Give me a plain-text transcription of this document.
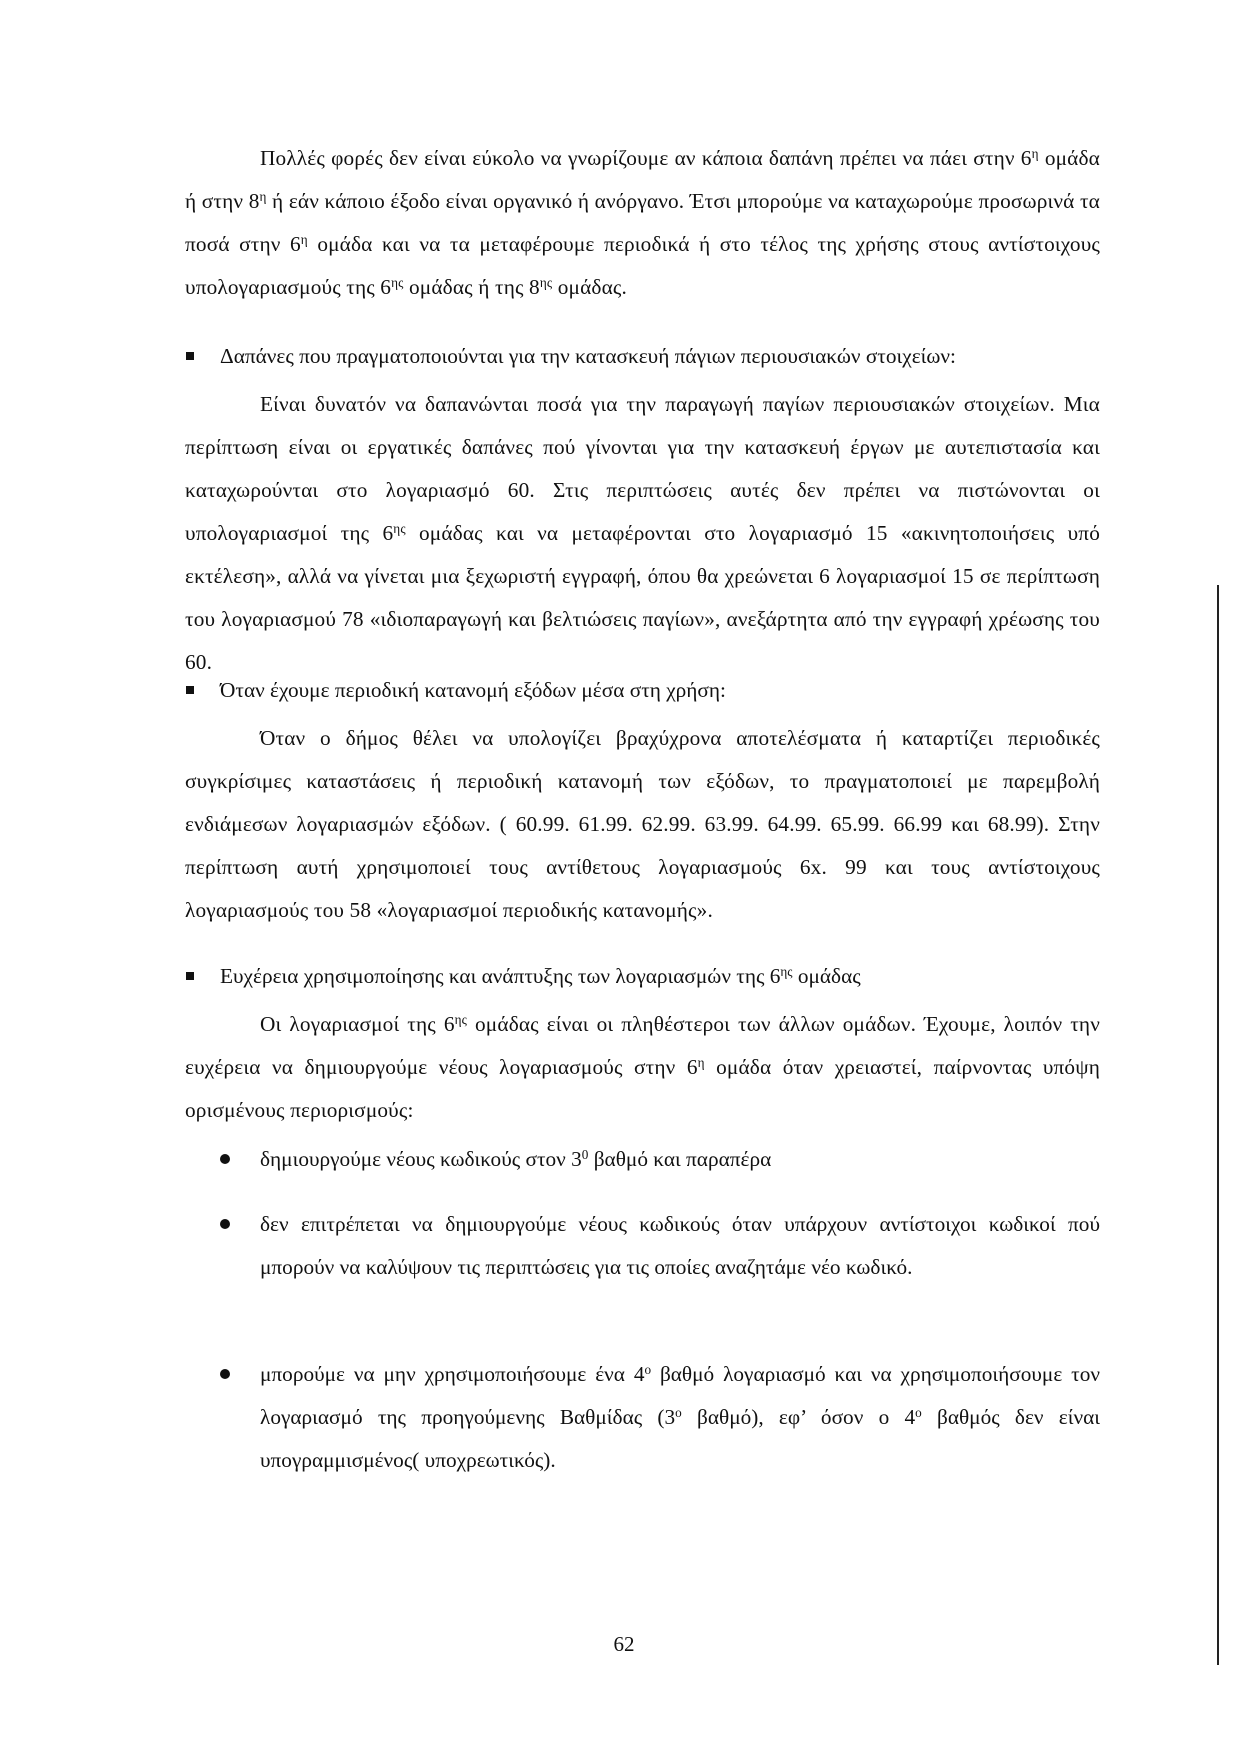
Πολλές φορές δεν είναι εύκολο να γνωρίζουμε αν κάποια δαπάνη πρέπει να πάει στην $6^\eta$ ομάδα ή στην $8^\eta$ ή εάν κάποιο έξοδο είναι οργανικό ή ανόργανο. Έτσι μπορούμε να καταχωρούμε προσωρινά τα ποσά στην $6^\eta$ ομάδα και να τα μεταφέρουμε περιοδικά ή στο τέλος της χρήσης στους αντίστοιχους υπολογαριασμούς της $6^{\eta\varsigma}$ ομάδας ή της $8^{\eta\varsigma}$ ομάδας.

Δαπάνες που πραγματοποιούνται για την κατασκευή πάγιων περιουσιακών στοιχείων:

Είναι δυνατόν να δαπανώνται ποσά για την παραγωγή παγίων περιουσιακών στοιχείων. Μια περίπτωση είναι οι εργατικές δαπάνες πού γίνονται για την κατασκευή έργων με αυτεπιστασία και καταχωρούνται στο λογαριασμό 60. Στις περιπτώσεις αυτές δεν πρέπει να πιστώνονται οι υπολογαριασμοί της $6^{\eta\varsigma}$ ομάδας και να μεταφέρονται στο λογαριασμό 15 «ακινητοποιήσεις υπό εκτέλεση», αλλά να γίνεται μια ξεχωριστή εγγραφή, όπου θα χρεώνεται 6 λογαριασμοί 15 σε περίπτωση του λογαριασμού 78 «ιδιοπαραγωγή και βελτιώσεις παγίων», ανεξάρτητα από την εγγραφή χρέωσης του 60.

Όταν έχουμε περιοδική κατανομή εξόδων μέσα στη χρήση:

Όταν ο δήμος θέλει να υπολογίζει βραχύχρονα αποτελέσματα ή καταρτίζει περιοδικές συγκρίσιμες καταστάσεις ή περιοδική κατανομή των εξόδων, το πραγματοποιεί με παρεμβολή ενδιάμεσων λογαριασμών εξόδων. ( 60.99. 61.99. 62.99. 63.99. 64.99. 65.99. 66.99 και 68.99). Στην περίπτωση αυτή χρησιμοποιεί τους αντίθετους λογαριασμούς 6x. 99 και τους αντίστοιχους λογαριασμούς του 58 «λογαριασμοί περιοδικής κατανομής».

Ευχέρεια χρησιμοποίησης και ανάπτυξης των λογαριασμών της $6^{\eta\varsigma}$ ομάδας

Οι λογαριασμοί της $6^{\eta\varsigma}$ ομάδας είναι οι πληθέστεροι των άλλων ομάδων. Έχουμε, λοιπόν την ευχέρεια να δημιουργούμε νέους λογαριασμούς στην $6^\eta$ ομάδα όταν χρειαστεί, παίρνοντας υπόψη ορισμένους περιορισμούς:

δημιουργούμε νέους κωδικούς στον $3^0$ βαθμό και παραπέρα
δεν επιτρέπεται να δημιουργούμε νέους κωδικούς όταν υπάρχουν αντίστοιχοι κωδικοί πού μπορούν να καλύψουν τις περιπτώσεις για τις οποίες αναζητάμε νέο κωδικό.
μπορούμε να μην χρησιμοποιήσουμε ένα $4^o$ βαθμό λογαριασμό και να χρησιμοποιήσουμε τον λογαριασμό της προηγούμενης Βαθμίδας ($3^o$ βαθμό), εφ’ όσον ο $4^o$ βαθμός δεν είναι υπογραμμισμένος( υποχρεωτικός).
62
